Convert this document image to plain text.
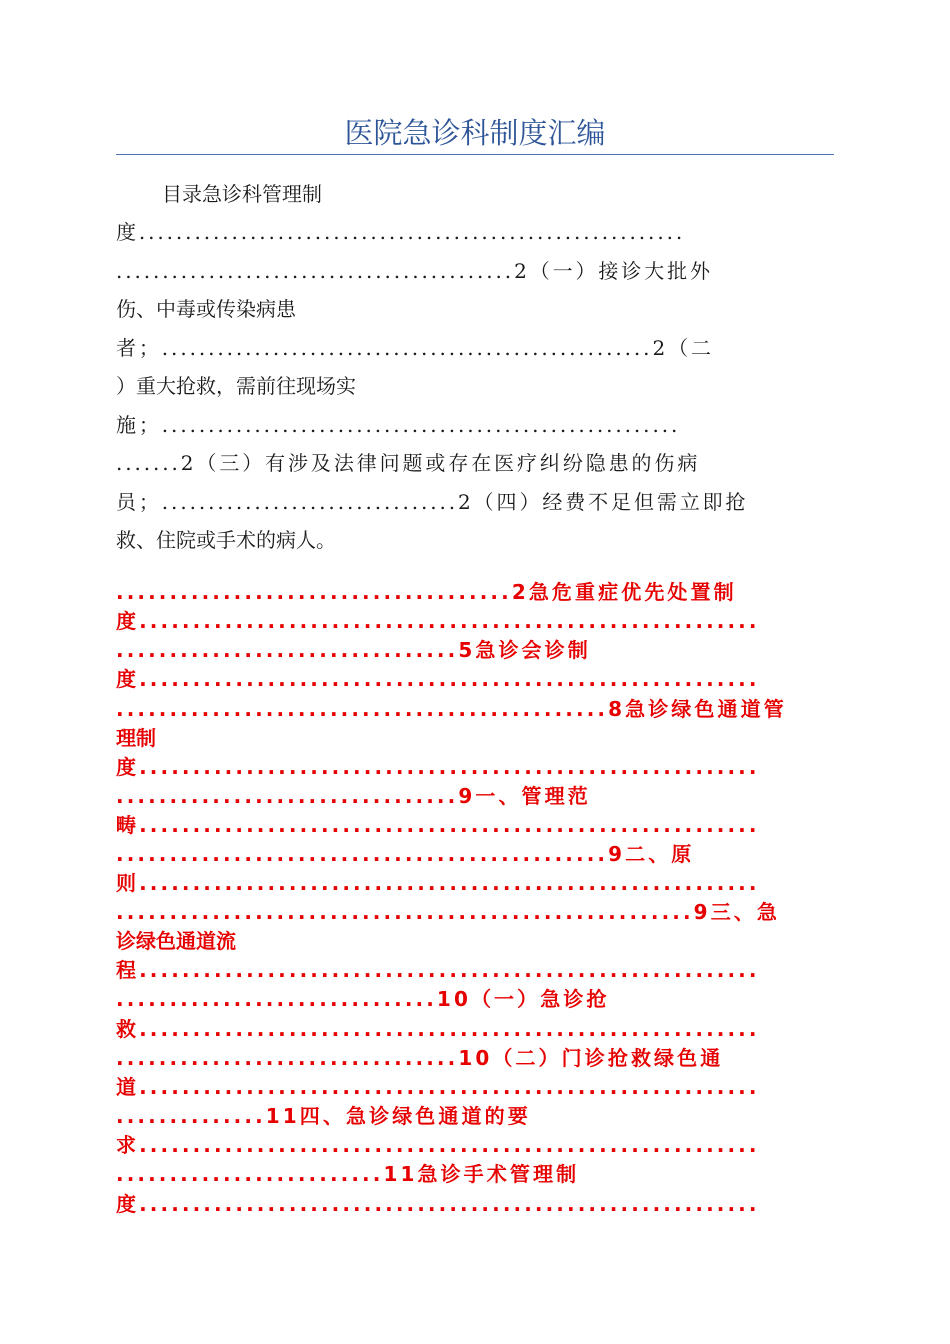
医院急诊科制度汇编
目录急诊科管理制
度...........................................................
...........................................2（一）接诊大批外
伤、中毒或传染病患
者；.....................................................2（二
）重大抢救，需前往现场实
施；........................................................
.......2（三）有涉及法律问题或存在医疗纠纷隐患的伤病
员；................................2（四）经费不足但需立即抢
救、住院或手术的病人。
.....................................2急危重症优先处置制
度..........................................................
................................5急诊会诊制
度..........................................................
..............................................8急诊绿色通道管
理制
度..........................................................
................................9一、管理范
畴..........................................................
..............................................9二、原
则..........................................................
......................................................9三、急
诊绿色通道流
程..........................................................
..............................10（一）急诊抢
救..........................................................
................................10（二）门诊抢救绿色通
道..........................................................
..............11四、急诊绿色通道的要
求..........................................................
.........................11急诊手术管理制
度..........................................................
